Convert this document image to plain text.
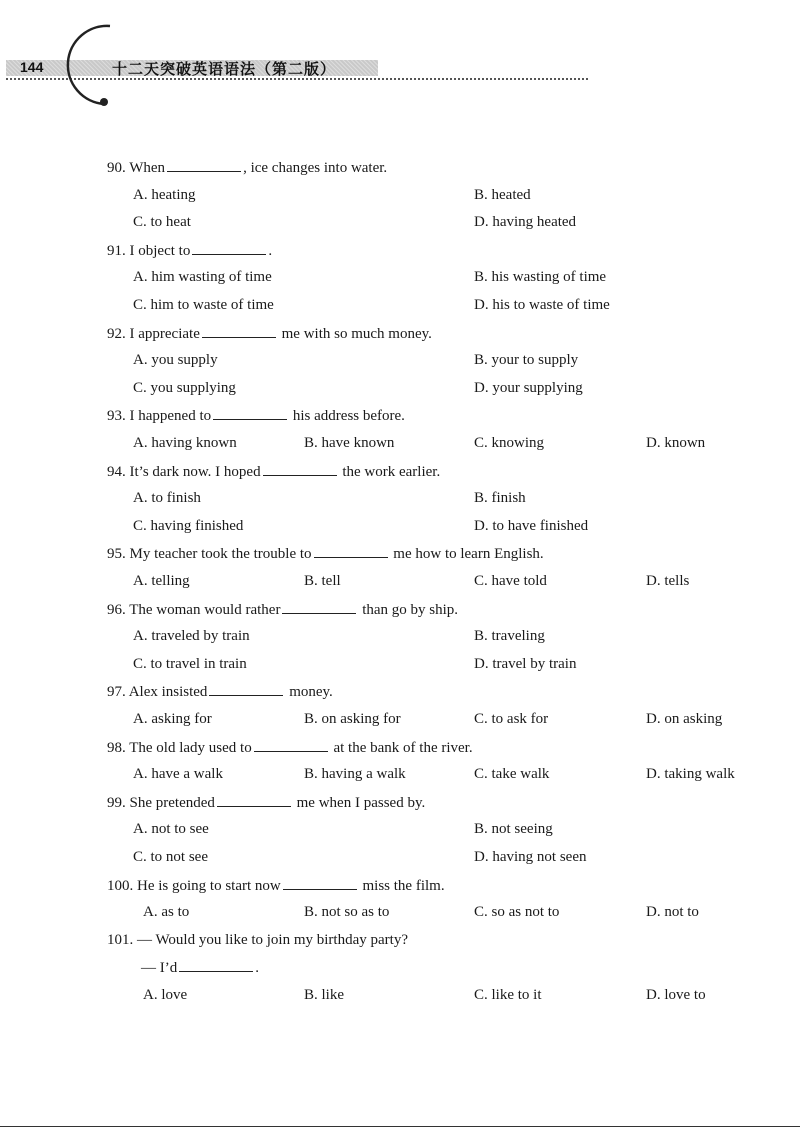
144	十二天突破英语语法（第二版）
90. When	, ice changes into water.
A. heating	B. heated
C. to heat	D. having heated
91. I object to	.
A. him wasting of time	B. his wasting of time
C. him to waste of time	D. his to waste of time
92. I appreciate	me with so much money.
A. you supply	B. your to supply
C. you supplying	D. your supplying
93. I happened to	his address before.
A. having known	B. have known	C. knowing	D. known
94. It’s dark now. I hoped	the work earlier.
A. to finish	B. finish
C. having finished	D. to have finished
95. My teacher took the trouble to	me how to learn English.
A. telling	B. tell	C. have told	D. tells
96. The woman would rather	than go by ship.
A. traveled by train	B. traveling
C. to travel in train	D. travel by train
97. Alex insisted	money.
A. asking for	B. on asking for	C. to ask for	D. on asking
98. The old lady used to	at the bank of the river.
A. have a walk	B. having a walk	C. take walk	D. taking walk
99. She pretended	me when I passed by.
A. not to see	B. not seeing
C. to not see	D. having not seen
100. He is going to start now	miss the film.
A. as to	B. not so as to	C. so as not to	D. not to
101. — Would you like to join my birthday party?
— I’d	.
A. love	B. like	C. like to it	D. love to
